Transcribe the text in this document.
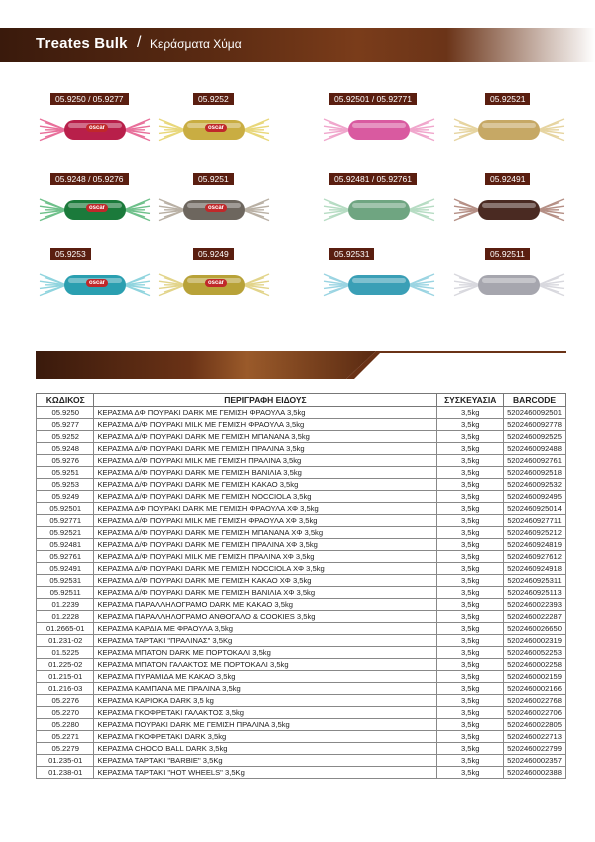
Treates Bulk / Κεράσματα Χύμα
05.9250 / 05.9277
oscar
05.9252
oscar
05.92501 / 05.92771	05.92521
05.9248 / 05.9276
oscar
05.9251
oscar
05.92481 / 05.92761	05.92491
05.9253
oscar
05.9249
oscar
05.92531	05.92511
ΚΩΔΙΚΟΣ	ΠΕΡΙΓΡΑΦΗ ΕΙΔΟΥΣ	ΣΥΣΚΕΥΑΣΙΑ	BARCODE
05.9250	ΚΕΡΑΣΜΑ ΔΦ ΠΟΥΡΑΚΙ DARK ΜΕ ΓΕΜΙΣΗ ΦΡΑΟΥΛΑ 3,5kg	3,5kg	5202460092501
05.9277	ΚΕΡΑΣΜΑ Δ/Φ ΠΟΥΡΑΚΙ MILK ΜΕ ΓΕΜΙΣΗ ΦΡΑΟΥΛΑ 3,5kg	3,5kg	5202460092778
05.9252	ΚΕΡΑΣΜΑ Δ/Φ ΠΟΥΡΑΚΙ DARK ΜΕ ΓΕΜΙΣΗ ΜΠΑΝΑΝΑ 3,5kg	3,5kg	5202460092525
05.9248	ΚΕΡΑΣΜΑ Δ/Φ ΠΟΥΡΑΚΙ DARK ΜΕ ΓΕΜΙΣΗ ΠΡΑΛΙΝΑ 3,5kg	3,5kg	5202460092488
05.9276	ΚΕΡΑΣΜΑ Δ/Φ ΠΟΥΡΑΚΙ MILK ΜΕ ΓΕΜΙΣΗ ΠΡΑΛΙΝΑ 3,5kg	3,5kg	5202460092761
05.9251	ΚΕΡΑΣΜΑ Δ/Φ ΠΟΥΡΑΚΙ DARK ΜΕ ΓΕΜΙΣΗ ΒΑΝΙΛΙΑ 3,5kg	3,5kg	5202460092518
05.9253	ΚΕΡΑΣΜΑ Δ/Φ ΠΟΥΡΑΚΙ DARK ΜΕ ΓΕΜΙΣΗ ΚΑΚΑΟ 3,5kg	3,5kg	5202460092532
05.9249	ΚΕΡΑΣΜΑ Δ/Φ ΠΟΥΡΑΚΙ DARK ΜΕ ΓΕΜΙΣΗ ΝΟCCIOLA 3,5kg	3,5kg	5202460092495
05.92501	ΚΕΡΑΣΜΑ ΔΦ ΠΟΥΡΑΚΙ DARK ΜΕ ΓΕΜΙΣΗ ΦΡΑΟΥΛΑ ΧΦ 3,5kg	3,5kg	5202460925014
05.92771	ΚΕΡΑΣΜΑ Δ/Φ ΠΟΥΡΑΚΙ MILK ΜΕ ΓΕΜΙΣΗ ΦΡΑΟΥΛΑ ΧΦ 3,5kg	3,5kg	5202460927711
05.92521	ΚΕΡΑΣΜΑ Δ/Φ ΠΟΥΡΑΚΙ DARK ΜΕ ΓΕΜΙΣΗ ΜΠΑΝΑΝΑ ΧΦ 3,5kg	3,5kg	5202460925212
05.92481	ΚΕΡΑΣΜΑ Δ/Φ ΠΟΥΡΑΚΙ DARK ΜΕ ΓΕΜΙΣΗ ΠΡΑΛΙΝΑ ΧΦ 3,5kg	3,5kg	5202460924819
05.92761	ΚΕΡΑΣΜΑ Δ/Φ ΠΟΥΡΑΚΙ MILK ΜΕ ΓΕΜΙΣΗ ΠΡΑΛΙΝΑ ΧΦ 3,5kg	3,5kg	5202460927612
05.92491	ΚΕΡΑΣΜΑ Δ/Φ ΠΟΥΡΑΚΙ DARK ΜΕ ΓΕΜΙΣΗ ΝΟCCIOLA ΧΦ 3,5kg	3,5kg	5202460924918
05.92531	ΚΕΡΑΣΜΑ Δ/Φ ΠΟΥΡΑΚΙ DARK ΜΕ ΓΕΜΙΣΗ ΚΑΚΑΟ ΧΦ 3,5kg	3,5kg	5202460925311
05.92511	ΚΕΡΑΣΜΑ Δ/Φ ΠΟΥΡΑΚΙ DARK ΜΕ ΓΕΜΙΣΗ ΒΑΝΙΛΙΑ ΧΦ 3,5kg	3,5kg	5202460925113
01.2239	ΚΕΡΑΣΜΑ ΠΑΡΑΛΛΗΛΟΓΡΑΜΟ DARK ΜΕ ΚΑΚΑΟ 3,5kg	3,5kg	5202460022393
01.2228	ΚΕΡΑΣΜΑ ΠΑΡΑΛΛΗΛΟΓΡΑΜΟ ΑΝΘΟΓΑΛΟ & COOKIES 3,5kg	3,5kg	5202460022287
01.2665-01	ΚΕΡΑΣΜΑ ΚΑΡΔΙΑ ΜΕ ΦΡΑΟΥΛΑ 3,5kg	3,5kg	5202460026650
01.231-02	ΚΕΡΑΣΜΑ ΤΑΡΤΑΚΙ "ΠΡΑΛΙΝΑΣ" 3,5Kg	3,5kg	5202460002319
01.5225	ΚΕΡΑΣΜΑ ΜΠΑΤΟΝ DARK ΜΕ ΠΟΡΤΟΚΑΛΙ 3,5kg	3,5kg	5202460052253
01.225-02	ΚΕΡΑΣΜΑ ΜΠΑΤΟΝ ΓΑΛΑΚΤΟΣ ΜΕ ΠΟΡΤΟΚΑΛΙ 3,5kg	3,5kg	5202460002258
01.215-01	ΚΕΡΑΣΜΑ ΠΥΡΑΜΙΔΑ ΜΕ ΚΑΚΑΟ 3,5kg	3,5kg	5202460002159
01.216-03	ΚΕΡΑΣΜΑ ΚΑΜΠΑΝΑ ΜΕ ΠΡΑΛΙΝΑ 3,5kg	3,5kg	5202460002166
05.2276	ΚΕΡΑΣΜΑ ΚΑΡΙΟΚΑ DARK 3,5 kg	3,5kg	5202460022768
05.2270	ΚΕΡΑΣΜΑ ΓΚΟΦΡΕΤΑΚΙ ΓΑΛΑΚΤΟΣ 3,5kg	3,5kg	5202460022706
05.2280	ΚΕΡΑΣΜΑ ΠΟΥΡΑΚΙ DARK ΜΕ ΓΕΜΙΣΗ ΠΡΑΛΙΝΑ 3,5kg	3,5kg	5202460022805
05.2271	ΚΕΡΑΣΜΑ ΓΚΟΦΡΕΤΑΚΙ DARK 3,5kg	3,5kg	5202460022713
05.2279	ΚΕΡΑΣΜΑ CHOCO BALL DARK 3,5kg	3,5kg	5202460022799
01.235-01	ΚΕΡΑΣΜΑ ΤΑΡΤΑΚΙ "BARBIE" 3,5Kg	3,5kg	5202460002357
01.238-01	ΚΕΡΑΣΜΑ ΤΑΡΤΑΚΙ "HOT WHEELS" 3,5Kg	3,5kg	5202460002388
